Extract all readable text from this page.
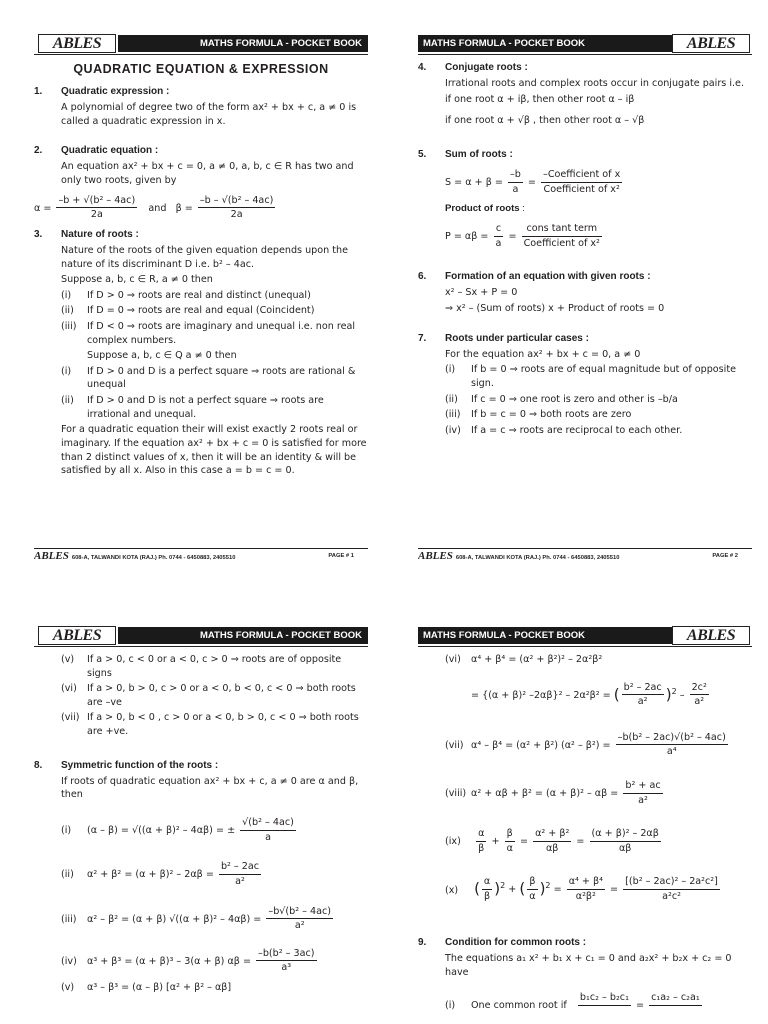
ABLES	MATHS FORMULA - POCKET BOOK
QUADRATIC EQUATION & EXPRESSION
1.	Quadratic expression :

A polynomial of degree two of the form ax² + bx + c, a ≠ 0 is called a quadratic expression in x.

2.	Quadratic equation :

An equation ax² + bx + c = 0, a ≠ 0, a, b, c ∈ R has two and only two roots, given by

$\alpha = \frac{\text{–b + √(b² – 4ac)}}{2a}$ and $\beta = \frac{\text{–b – √(b² – 4ac)}}{2a}$
3.	Nature of roots :

Nature of the roots of the given equation depends upon the nature of its discriminant D i.e. b² – 4ac.

Suppose a, b, c ∈ R, a ≠ 0 then

(i)	If D > 0 ⇒ roots are real and distinct (unequal)
(ii)	If D = 0 ⇒ roots are real and equal (Coincident)
(iii)	If D < 0 ⇒ roots are imaginary and unequal i.e. non real complex numbers.

Suppose a, b, c ∈ Q a ≠ 0 then

(i)	If D > 0 and D is a perfect square ⇒ roots are rational & unequal
(ii)	If D > 0 and D is not a perfect square ⇒ roots are irrational and unequal.

For a quadratic equation their will exist exactly 2 roots real or imaginary. If the equation ax² + bx + c = 0 is satisfied for more than 2 distinct values of x, then it will be an identity & will be satisfied by all x. Also in this case a = b = c = 0.

ABLES 608-A, TALWANDI KOTA (RAJ.) Ph. 0744 - 6450883, 2405510	PAGE # 1
MATHS FORMULA - POCKET BOOK	ABLES
4.	Conjugate roots :

Irrational roots and complex roots occur in conjugate pairs i.e.

if one root α + iβ, then other root α – iβ

if one root α + √β , then other root α – √β

5.	Sum of roots :
$S = \alpha + \beta = \frac{-b}{a} = \frac{\text{–Coefficient of x}}{\text{Coefficient of x²}}$

Product of roots :

$P = \alpha\beta = \frac{c}{a} = \frac{\text{cons tant term}}{\text{Coefficient of x²}}$
6.	Formation of an equation with given roots :

x² – Sx + P = 0

⇒ x² – (Sum of roots) x + Product of roots = 0

7.	Roots under particular cases :

For the equation ax² + bx + c = 0, a ≠ 0

(i)	If b = 0 ⇒ roots are of equal magnitude but of opposite sign.
(ii)	If c = 0 ⇒ one root is zero and other is –b/a
(iii)	If b = c = 0 ⇒ both roots are zero
(iv)	If a = c ⇒ roots are reciprocal to each other.
ABLES 608-A, TALWANDI KOTA (RAJ.) Ph. 0744 - 6450883, 2405510	PAGE # 2
ABLES	MATHS FORMULA - POCKET BOOK
(v)	If a > 0, c < 0 or a < 0, c > 0 ⇒ roots are of opposite signs
(vi)	If a > 0, b > 0, c > 0 or a < 0, b < 0, c < 0 ⇒ both roots are –ve
(vii) If a > 0, b < 0 , c > 0 or a < 0, b > 0, c < 0 ⇒ both roots are +ve.
8.	Symmetric function of the roots :

If roots of quadratic equation ax² + bx + c, a ≠ 0 are α and β, then

(i) (α – β) = √((α + β)² – 4αβ) = ± $\frac{\text{√(b² – 4ac)}}{a}$
(ii) $\alpha^2 + \beta^2 = (\alpha + \beta)^2 - 2\alpha\beta = \frac{\text{b² – 2ac}}{\text{a²}}$
(iii) α² – β² = (α + β) $√((\alpha + \beta)^2 - 4\alpha\beta) = \frac{\text{–b√(b² – 4ac)}}{\text{a²}}$
(iv) α³ + β³ = (α + β)³ – 3(α + β) $\alpha\beta = \frac{\text{–b(b² – 3ac)}}{\text{a³}}$
(v) α³ – β³ = (α – β) [α² + β² – αβ]
MATHS FORMULA - POCKET BOOK	ABLES
(vi) α⁴ + β⁴ = (α² + β²)² – 2α²β²
= {(α + β)² –2αβ}² – 2α²β² = ( $\frac{\text{b² – 2ac}}{\text{a²}} )^2 - \frac{\text{2c²}}{\text{a²}}$
(vii) α⁴ – β⁴ = (α² + β²) $(\alpha^2 - \beta^2) = \frac{\text{–b(b² – 2ac)√(b² – 4ac)}}{\text{a⁴}}$
(viii) $\alpha^2 + \alpha\beta + \beta^2 = (\alpha + \beta)^2 - \alpha\beta = \frac{\text{b² + ac}}{\text{a²}}$
$(ix) \frac{\alpha}{\beta} + \frac{\beta}{\alpha} = \frac{\text{α² + β²}}{\alpha\beta} = \frac{\text{(α + β)² – 2αβ}}{\alpha\beta}$
(x) ( $\frac{\alpha}{\beta} )^2$ + ( $\frac{\beta}{\alpha} )^2 = \frac{\text{α⁴ + β⁴}}{\text{α²β²}} = \frac{\text{[(b² – 2ac)² – 2a²c²]}}{\text{a²c²}}$
9.	Condition for common roots :

The equations a₁ x² + b₁ x + c₁ = 0 and a₂x² + b₂x + c₂ = 0 have

(i) One common root if
b₁c₂ – b₂c₁

=
c₁a₂ – c₂a₁
